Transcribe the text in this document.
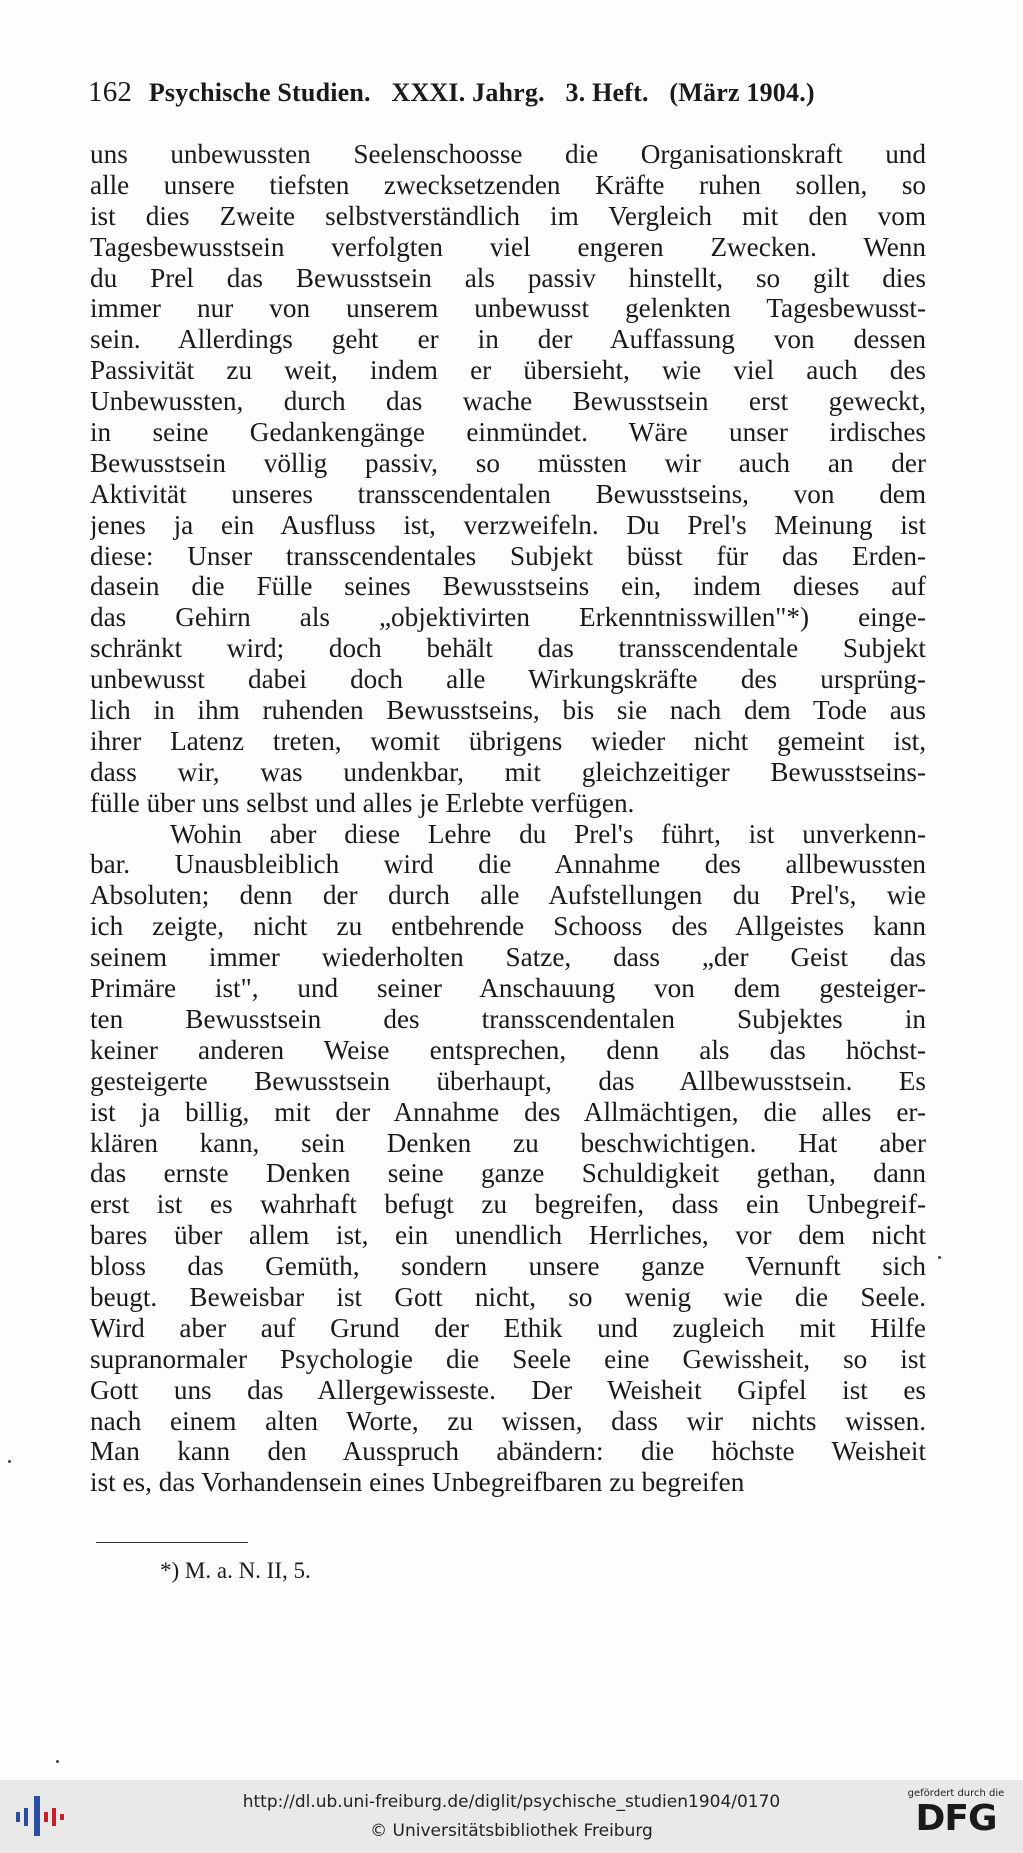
162 Psychische Studien. XXXI. Jahrg. 3. Heft. (März 1904.)
uns unbewussten Seelenschoosse die Organisationskraft und
alle unsere tiefsten zwecksetzenden Kräfte ruhen sollen, so
ist dies Zweite selbstverständlich im Vergleich mit den vom
Tagesbewusstsein verfolgten viel engeren Zwecken. Wenn
du Prel das Bewusstsein als passiv hinstellt, so gilt dies
immer nur von unserem unbewusst gelenkten Tagesbewusst-
sein. Allerdings geht er in der Auffassung von dessen
Passivität zu weit, indem er übersieht, wie viel auch des
Unbewussten, durch das wache Bewusstsein erst geweckt,
in seine Gedankengänge einmündet. Wäre unser irdisches
Bewusstsein völlig passiv, so müssten wir auch an der
Aktivität unseres transscendentalen Bewusstseins, von dem
jenes ja ein Ausfluss ist, verzweifeln. Du Prel's Meinung ist
diese: Unser transscendentales Subjekt büsst für das Erden-
dasein die Fülle seines Bewusstseins ein, indem dieses auf
das Gehirn als „objektivirten Erkenntnisswillen"*) einge-
schränkt wird; doch behält das transscendentale Subjekt
unbewusst dabei doch alle Wirkungskräfte des ursprüng-
lich in ihm ruhenden Bewusstseins, bis sie nach dem Tode aus
ihrer Latenz treten, womit übrigens wieder nicht gemeint ist,
dass wir, was undenkbar, mit gleichzeitiger Bewusstseins-
fülle über uns selbst und alles je Erlebte verfügen.
Wohin aber diese Lehre du Prel's führt, ist unverkenn-
bar. Unausbleiblich wird die Annahme des allbewussten
Absoluten; denn der durch alle Aufstellungen du Prel's, wie
ich zeigte, nicht zu entbehrende Schooss des Allgeistes kann
seinem immer wiederholten Satze, dass „der Geist das
Primäre ist", und seiner Anschauung von dem gesteiger-
ten Bewusstsein des transscendentalen Subjektes in
keiner anderen Weise entsprechen, denn als das höchst-
gesteigerte Bewusstsein überhaupt, das Allbewusstsein. Es
ist ja billig, mit der Annahme des Allmächtigen, die alles er-
klären kann, sein Denken zu beschwichtigen. Hat aber
das ernste Denken seine ganze Schuldigkeit gethan, dann
erst ist es wahrhaft befugt zu begreifen, dass ein Unbegreif-
bares über allem ist, ein unendlich Herrliches, vor dem nicht
bloss das Gemüth, sondern unsere ganze Vernunft sich
beugt. Beweisbar ist Gott nicht, so wenig wie die Seele.
Wird aber auf Grund der Ethik und zugleich mit Hilfe
supranormaler Psychologie die Seele eine Gewissheit, so ist
Gott uns das Allergewisseste. Der Weisheit Gipfel ist es
nach einem alten Worte, zu wissen, dass wir nichts wissen.
Man kann den Ausspruch abändern: die höchste Weisheit
ist es, das Vorhandensein eines Unbegreifbaren zu begreifen
*) M. a. N. II, 5.
http://dl.ub.uni-freiburg.de/diglit/psychische_studien1904/0170
© Universitätsbibliothek Freiburg
gefördert durch die
DFG
